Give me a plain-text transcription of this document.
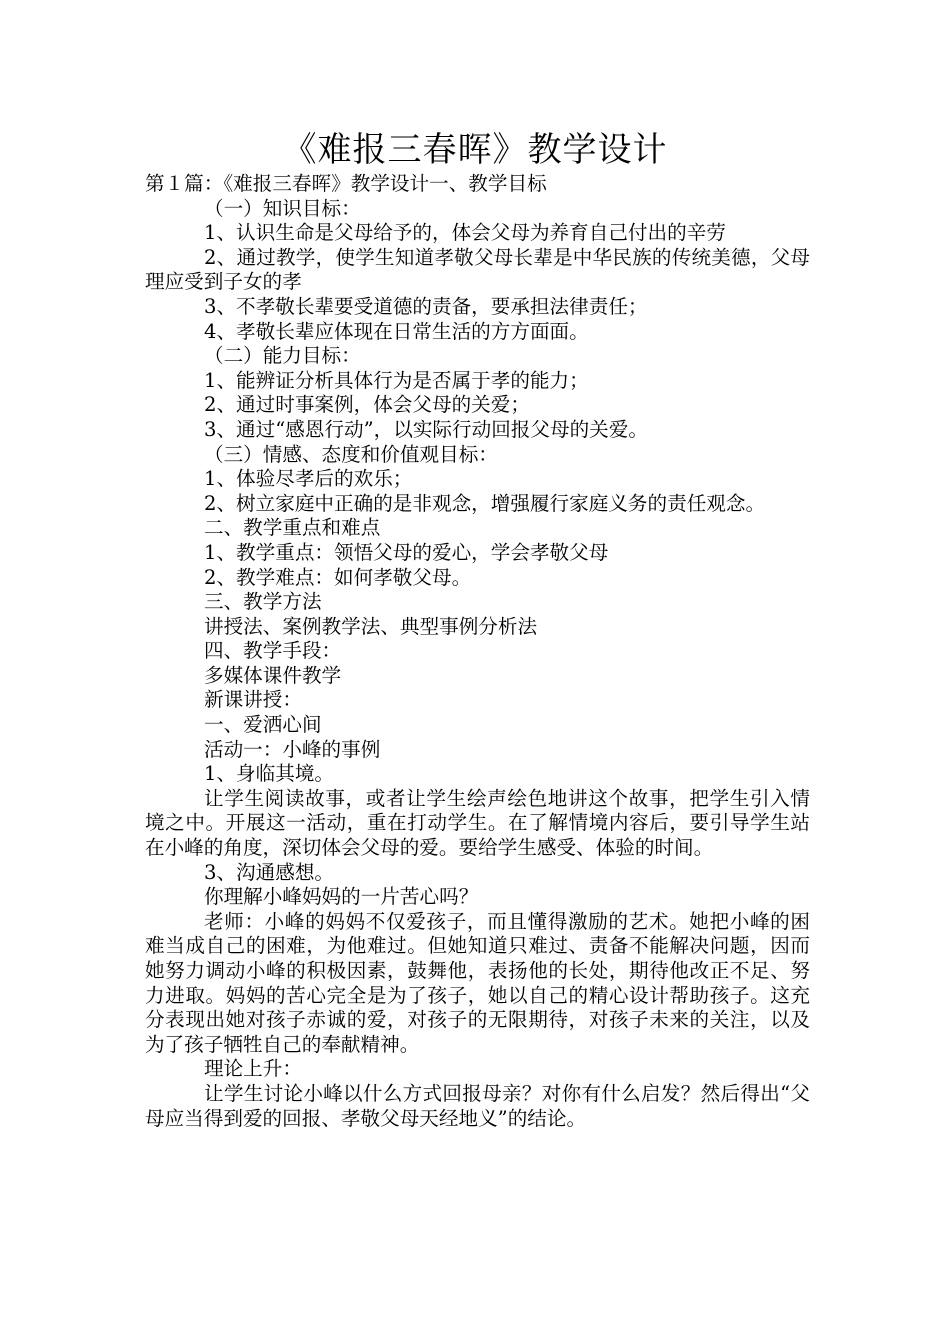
《难报三春晖》教学设计

第１篇：《难报三春晖》教学设计一、教学目标

（一）知识目标：

1、认识生命是父母给予的，体会父母为养育自己付出的辛劳

2、通过教学，使学生知道孝敬父母长辈是中华民族的传统美德，父母理应受到子女的孝

3、不孝敬长辈要受道德的责备，要承担法律责任；

4、孝敬长辈应体现在日常生活的方方面面。

（二）能力目标：

1、能辨证分析具体行为是否属于孝的能力；

2、通过时事案例，体会父母的关爱；

3、通过“感恩行动”，以实际行动回报父母的关爱。

（三）情感、态度和价值观目标：

1、体验尽孝后的欢乐；

2、树立家庭中正确的是非观念，增强履行家庭义务的责任观念。

二、教学重点和难点

1、教学重点：领悟父母的爱心，学会孝敬父母

2、教学难点：如何孝敬父母。

三、教学方法

讲授法、案例教学法、典型事例分析法

四、教学手段：

多媒体课件教学

新课讲授：

一、爱洒心间

活动一：小峰的事例

1、身临其境。

让学生阅读故事，或者让学生绘声绘色地讲这个故事，把学生引入情境之中。开展这一活动，重在打动学生。在了解情境内容后，要引导学生站在小峰的角度，深切体会父母的爱。要给学生感受、体验的时间。

3、沟通感想。

你理解小峰妈妈的一片苦心吗？

老师：小峰的妈妈不仅爱孩子，而且懂得激励的艺术。她把小峰的困难当成自己的困难，为他难过。但她知道只难过、责备不能解决问题，因而她努力调动小峰的积极因素，鼓舞他，表扬他的长处，期待他改正不足、努力进取。妈妈的苦心完全是为了孩子，她以自己的精心设计帮助孩子。这充分表现出她对孩子赤诚的爱，对孩子的无限期待，对孩子未来的关注，以及为了孩子牺牲自己的奉献精神。

理论上升：

让学生讨论小峰以什么方式回报母亲？对你有什么启发？然后得出“父母应当得到爱的回报、孝敬父母天经地义”的结论。
